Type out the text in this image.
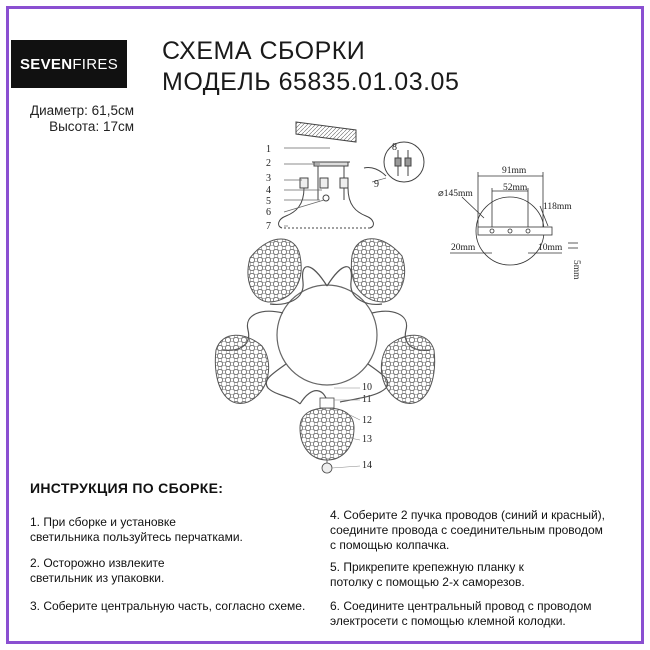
SEVEN FIRES СХЕМА СБОРКИ
МОДЕЛЬ 65835.01.03.05
Диаметр: 61,5см
Высота: 17см
1
2
3
4
5
6
7
8
9
10
11
12
13
14
⌀145mm
91mm
52mm
118mm
20mm	10mm
5mm
ИНСТРУКЦИЯ ПО СБОРКЕ:
1. При сборке и установке
светильника пользуйтесь перчатками.
2. Осторожно извлеките
светильник из упаковки.
3. Соберите центральную часть, согласно схеме.
4. Соберите 2 пучка проводов (синий и красный),
соедините провода с соединительным проводом
с помощью колпачка.
5. Прикрепите крепежную планку к
потолку с помощью 2-х саморезов.
6. Соедините центральный провод с проводом
электросети с помощью клемной колодки.
